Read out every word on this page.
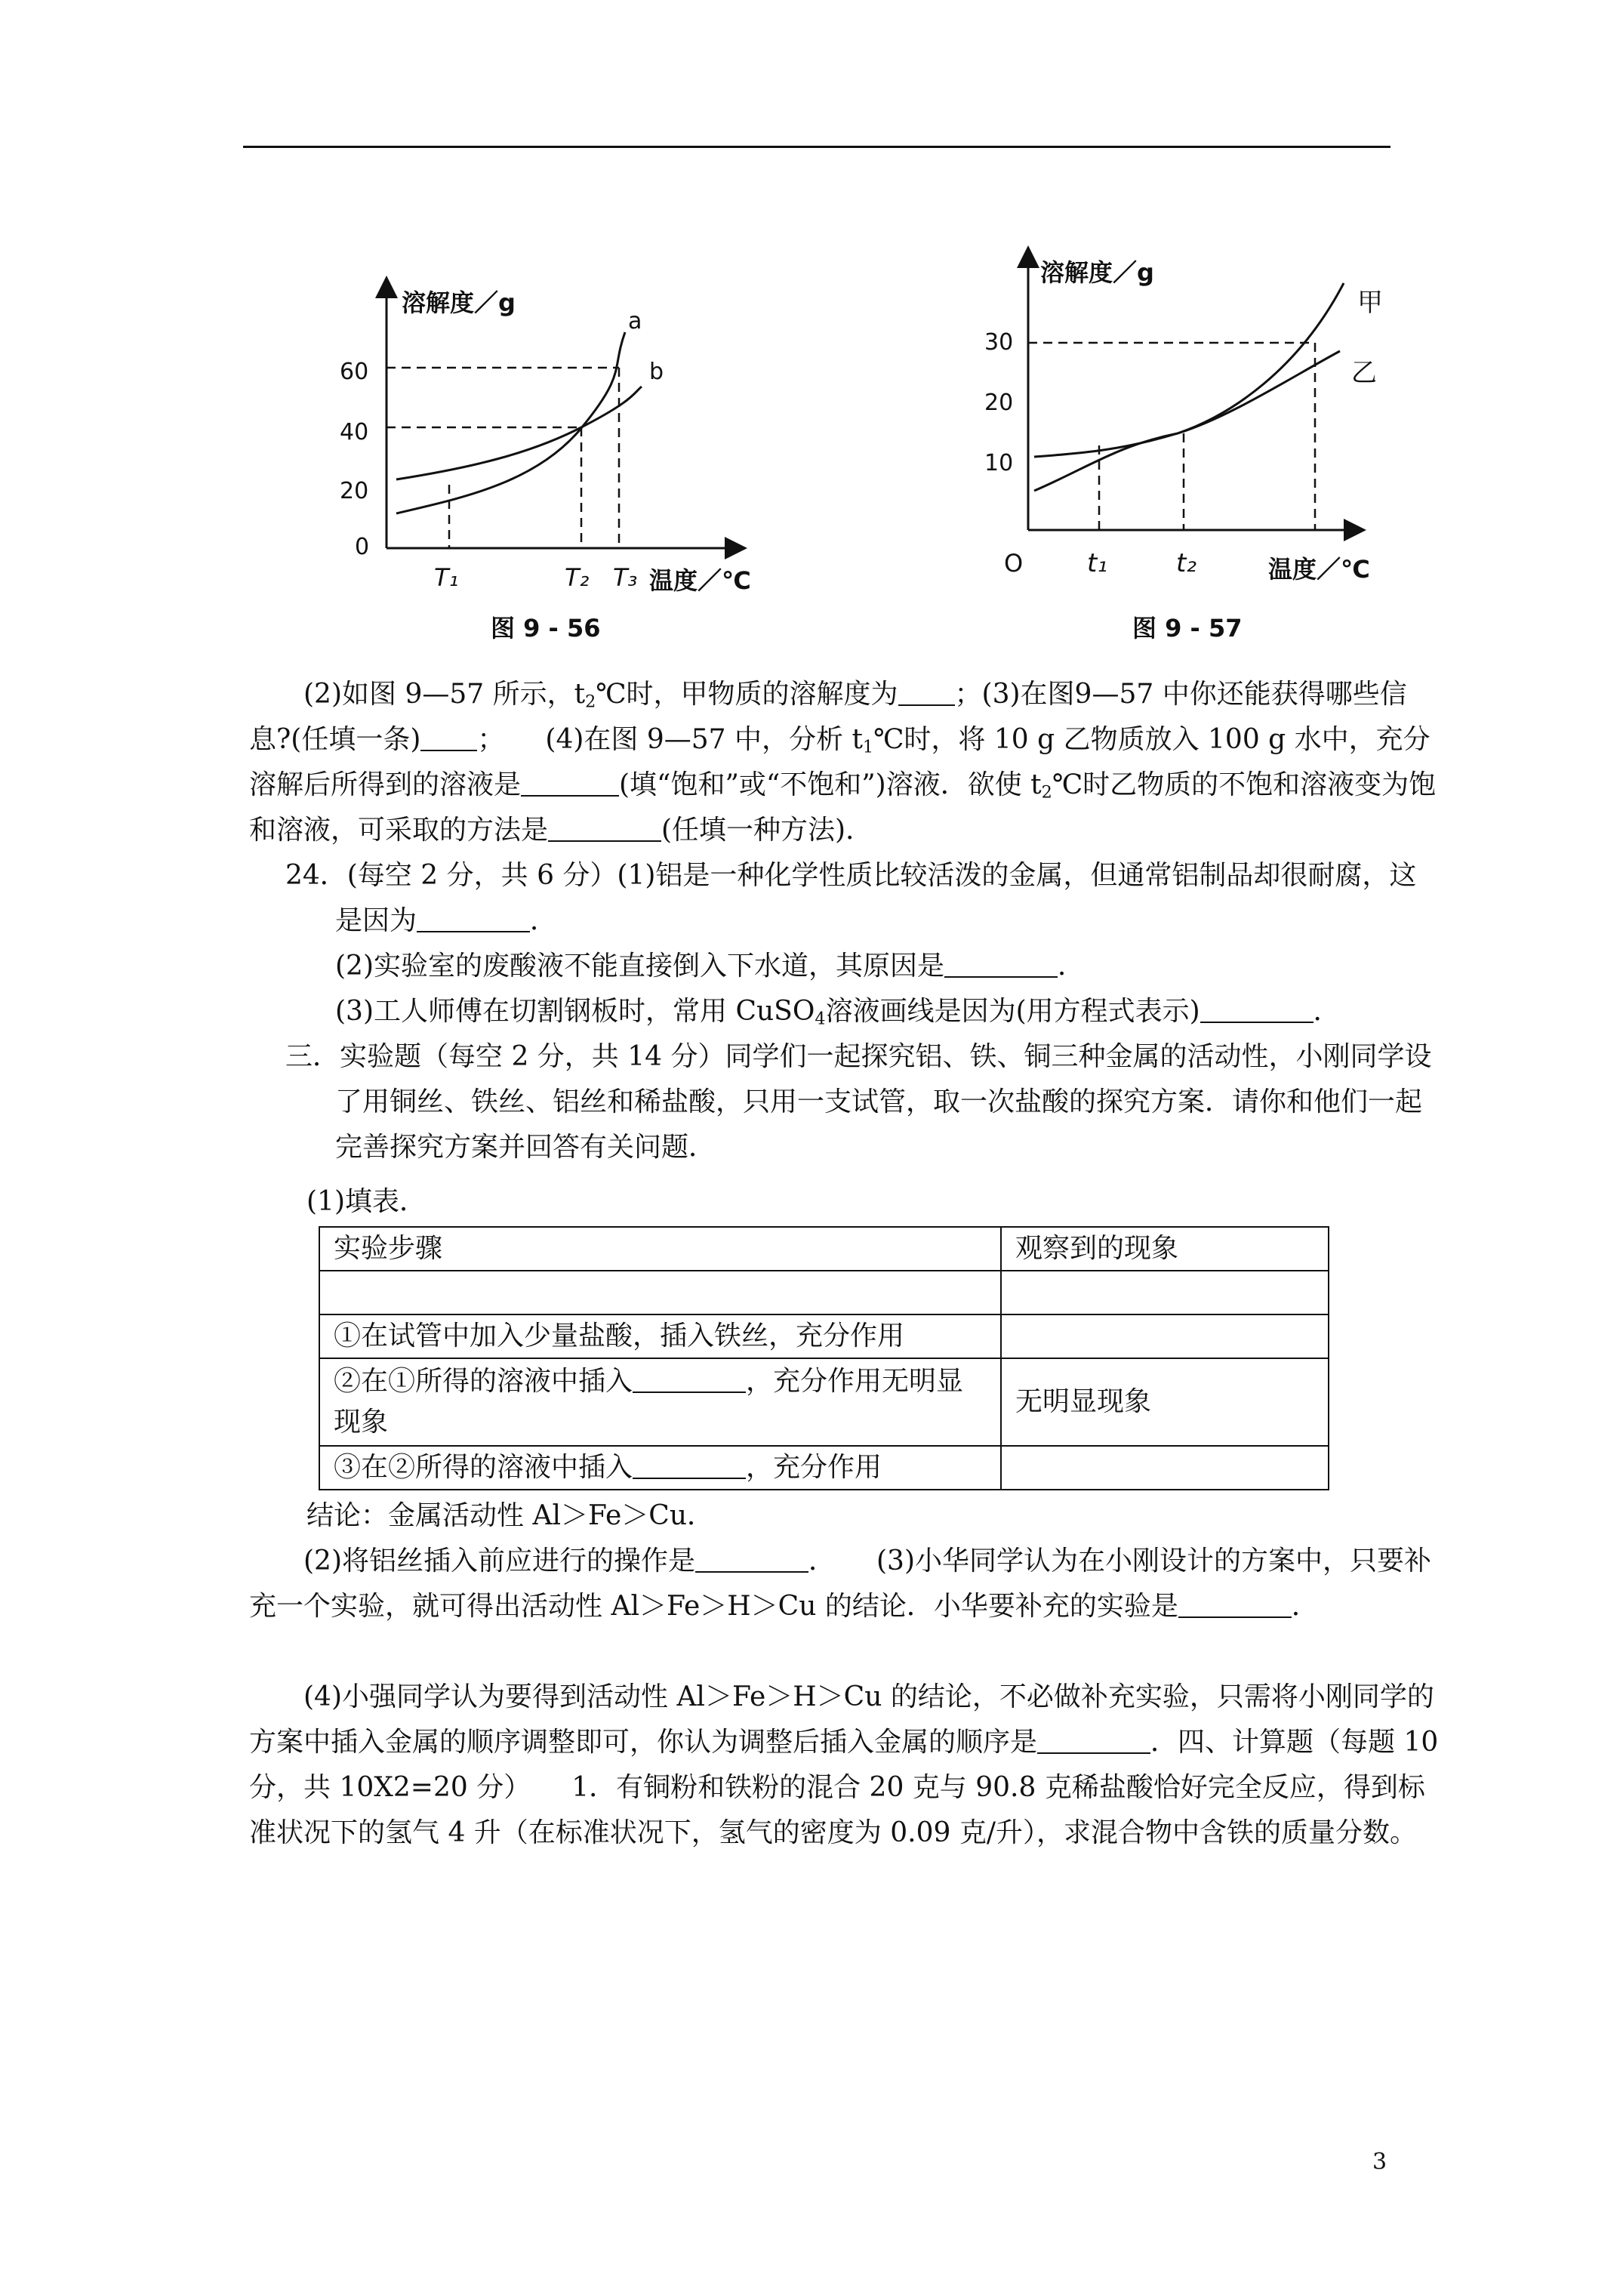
溶解度／g
60
40
20
0
a
b
T₁	T₂ T₃ 温度／℃
图 9 - 56
溶解度／g
30
20
10
O
甲
乙
t₁	t₂	温度／℃
图 9 - 57

(2)如图 9—57 所示，$t_2℃$时，甲物质的溶解度为 ；(3)在图9—57 中你还能获得哪些信息?(任填一条) ；　　(4)在图 9—57 中，分析 $t_1℃$时，将 10 g 乙物质放入 100 g 水中，充分溶解后所得到的溶液是	(填“饱和”或“不饱和”)溶液．欲使 $t_2℃$时乙物质的不饱和溶液变为饱和溶液，可采取的方法是	(任填一种方法)．

24．(每空 2 分，共 6 分）(1)铝是一种化学性质比较活泼的金属，但通常铝制品却很耐腐，这是因为	．

(2)实验室的废酸液不能直接倒入下水道，其原因是	．

(3)工人师傅在切割钢板时，常用 CuSO$_4$溶液画线是因为(用方程式表示)	．

三．实验题（每空 2 分，共 14 分）同学们一起探究铝、铁、铜三种金属的活动性，小刚同学设了用铜丝、铁丝、铝丝和稀盐酸，只用一支试管，取一次盐酸的探究方案．请你和他们一起完善探究方案并回答有关问题．

(1)填表．

实验步骤	观察到的现象

①在试管中加入少量盐酸，插入铁丝，充分作用	
②在①所得的溶液中插入 ，充分作用无明显现象	无明显现象
③在②所得的溶液中插入 ，充分作用	

结论：金属活动性 Al＞Fe＞Cu．

(2)将铝丝插入前应进行的操作是	．　　(3)小华同学认为在小刚设计的方案中，只要补充一个实验，就可得出活动性 Al＞Fe＞H＞Cu 的结论．小华要补充的实验是	．

(4)小强同学认为要得到活动性 Al＞Fe＞H＞Cu 的结论，不必做补充实验，只需将小刚同学的方案中插入金属的顺序调整即可，你认为调整后插入金属的顺序是	．四、计算题（每题 10 分，共 10X2=20 分）　　1．有铜粉和铁粉的混合 20 克与 90.8 克稀盐酸恰好完全反应，得到标准状况下的氢气 4 升（在标准状况下，氢气的密度为 0.09 克/升），求混合物中含铁的质量分数。

3
